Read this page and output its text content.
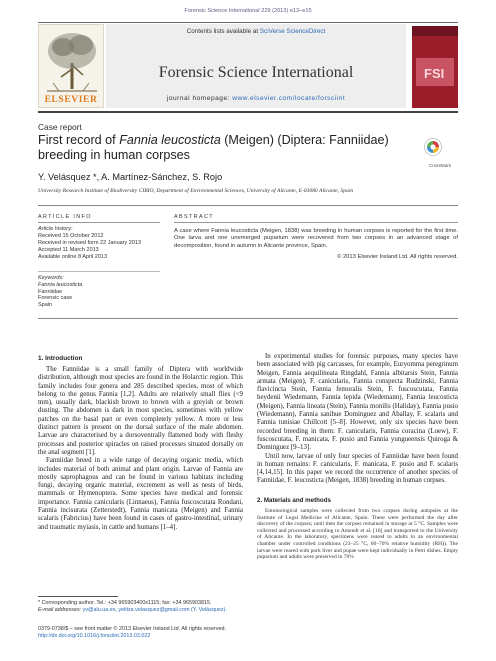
Forensic Science International 229 (2013) e13–e15
ELSEVIER
Contents lists available at SciVerse ScienceDirect
Forensic Science International
journal homepage: www.elsevier.com/locate/forsciint
FSI
Case report
First record of Fannia leucosticta (Meigen) (Diptera: Fanniidae) breeding in human corpses
CrossMark
Y. Velásquez *, A. Martínez-Sánchez, S. Rojo
University Research Institute of Biodiversity CIBIO, Department of Environmental Sciences, University of Alicante, E-03080 Alicante, Spain
ARTICLE INFO	ABSTRACT
Article history:
Received 15 October 2012
Received in revised form 22 January 2013
Accepted 11 March 2013
Available online 8 April 2013
Keywords:
Fannia leucosticta
Fanniidae
Forensic case
Spain
A case where Fannia leucosticta (Meigen, 1838) was breeding in human corpses is reported for the first time. One larva and one unemerged puparium were recovered from two corpses in an advanced stage of decomposition, found in autumn in Alicante province, Spain.
© 2013 Elsevier Ireland Ltd. All rights reserved.
1. Introduction

The Fanniidae is a small family of Diptera with worldwide distribution, although most species are found in the Holarctic region. This family includes four genera and 285 described species, most of which belong to the genus Fannia [1,2]. Adults are relatively small flies (<9 mm), usually dark, blackish brown to brown with a greyish or brown dusting. The abdomen is dark in most species, sometimes with yellow patches on the basal part or even completely yellow. A more or less distinct pattern is present on the dorsal surface of the male abdomen. Larvae are characterised by a dorsoventrally flattened body with fleshy processes and posterior spiracles on raised processes situated dorsally on the anal segment [1].

Fanniidae breed in a wide range of decaying organic media, which includes material of both animal and plant origin. Larvae of Fannia are mostly saprophagous and can be found in various habitats including fungi, decaying organic material, excrement as well as nests of birds, mammals or Hymenoptera. Some species have medical and forensic importance. Fannia canicularis (Linnaeus), Fannia fuscoscutata Rondani, Fannia incisurata (Zetterstedt), Fannia manicata (Meigen) and Fannia scalaris (Fabricius) have been found in cases of gastro-intestinal, urinary and traumatic myiasis, in cattle and humans [1–4].

In experimental studies for forensic purposes, many species have been associated with pig carcasses, for example, Euryomma peregrinum Meigen, Fannia aequilineata Ringdahl, Fannia albitarsis Stein, Fannia armata (Meigen), F. canicularis, Fannia conspecta Rudzinski, Fannia flavicincta Stein, Fannia femoralis Stein, F. fuscoscutata, Fannia heydenii Wiedemann, Fannia lepida (Wiedemann), Fannia leucosticta (Meigen), Fannia lineata (Stein), Fannia monilis (Haliday), Fannia pusio (Wiedemann), Fannia sanihue Dominguez and Aballay, F. scalaris and Fannia tunisiae Chillcott [5–8]. However, only six species have been recorded breeding in them: F. canicularis, Fannia coracina (Loew), F. fuscoscutata, F. manicata, F. pusio and Fannia yungueensis Quiroga & Dominguez [9–13].

Until now, larvae of only four species of Fanniidae have been found in human remains: F. canicularis, F. manicata, F. pusio and F. scalaris [4,14,15]. In this paper we record the occurrence of another species of Fanniidae, F. leucosticta (Meigen, 1838) breeding in human corpses.

2. Materials and methods
Entomological samples were collected from two corpses during autopsies at the Institute of Legal Medicine of Alicante, Spain. These were performed the day after discovery of the corpses; until then the corpses remained in storage at 5 °C. Samples were collected and processed according to Amendt et al. [16] and transported to the University of Alicante. In the laboratory, specimens were reared to adults in an environmental chamber under controlled conditions (23–25 °C, 60–70% relative humidity (RH)). The larvae were reared with pork liver and pupae were kept individually in Petri dishes. Empty puparium and adults were preserved in 70%
* Corresponding author. Tel.: +34 965903400x1115; fax: +34 965903815.
E-mail addresses: yv@alu.ua.es, yelitza.velasquez@gmail.com (Y. Velásquez).
0379-0738/$ – see front matter © 2013 Elsevier Ireland Ltd. All rights reserved.
http://dx.doi.org/10.1016/j.forsciint.2013.03.022
